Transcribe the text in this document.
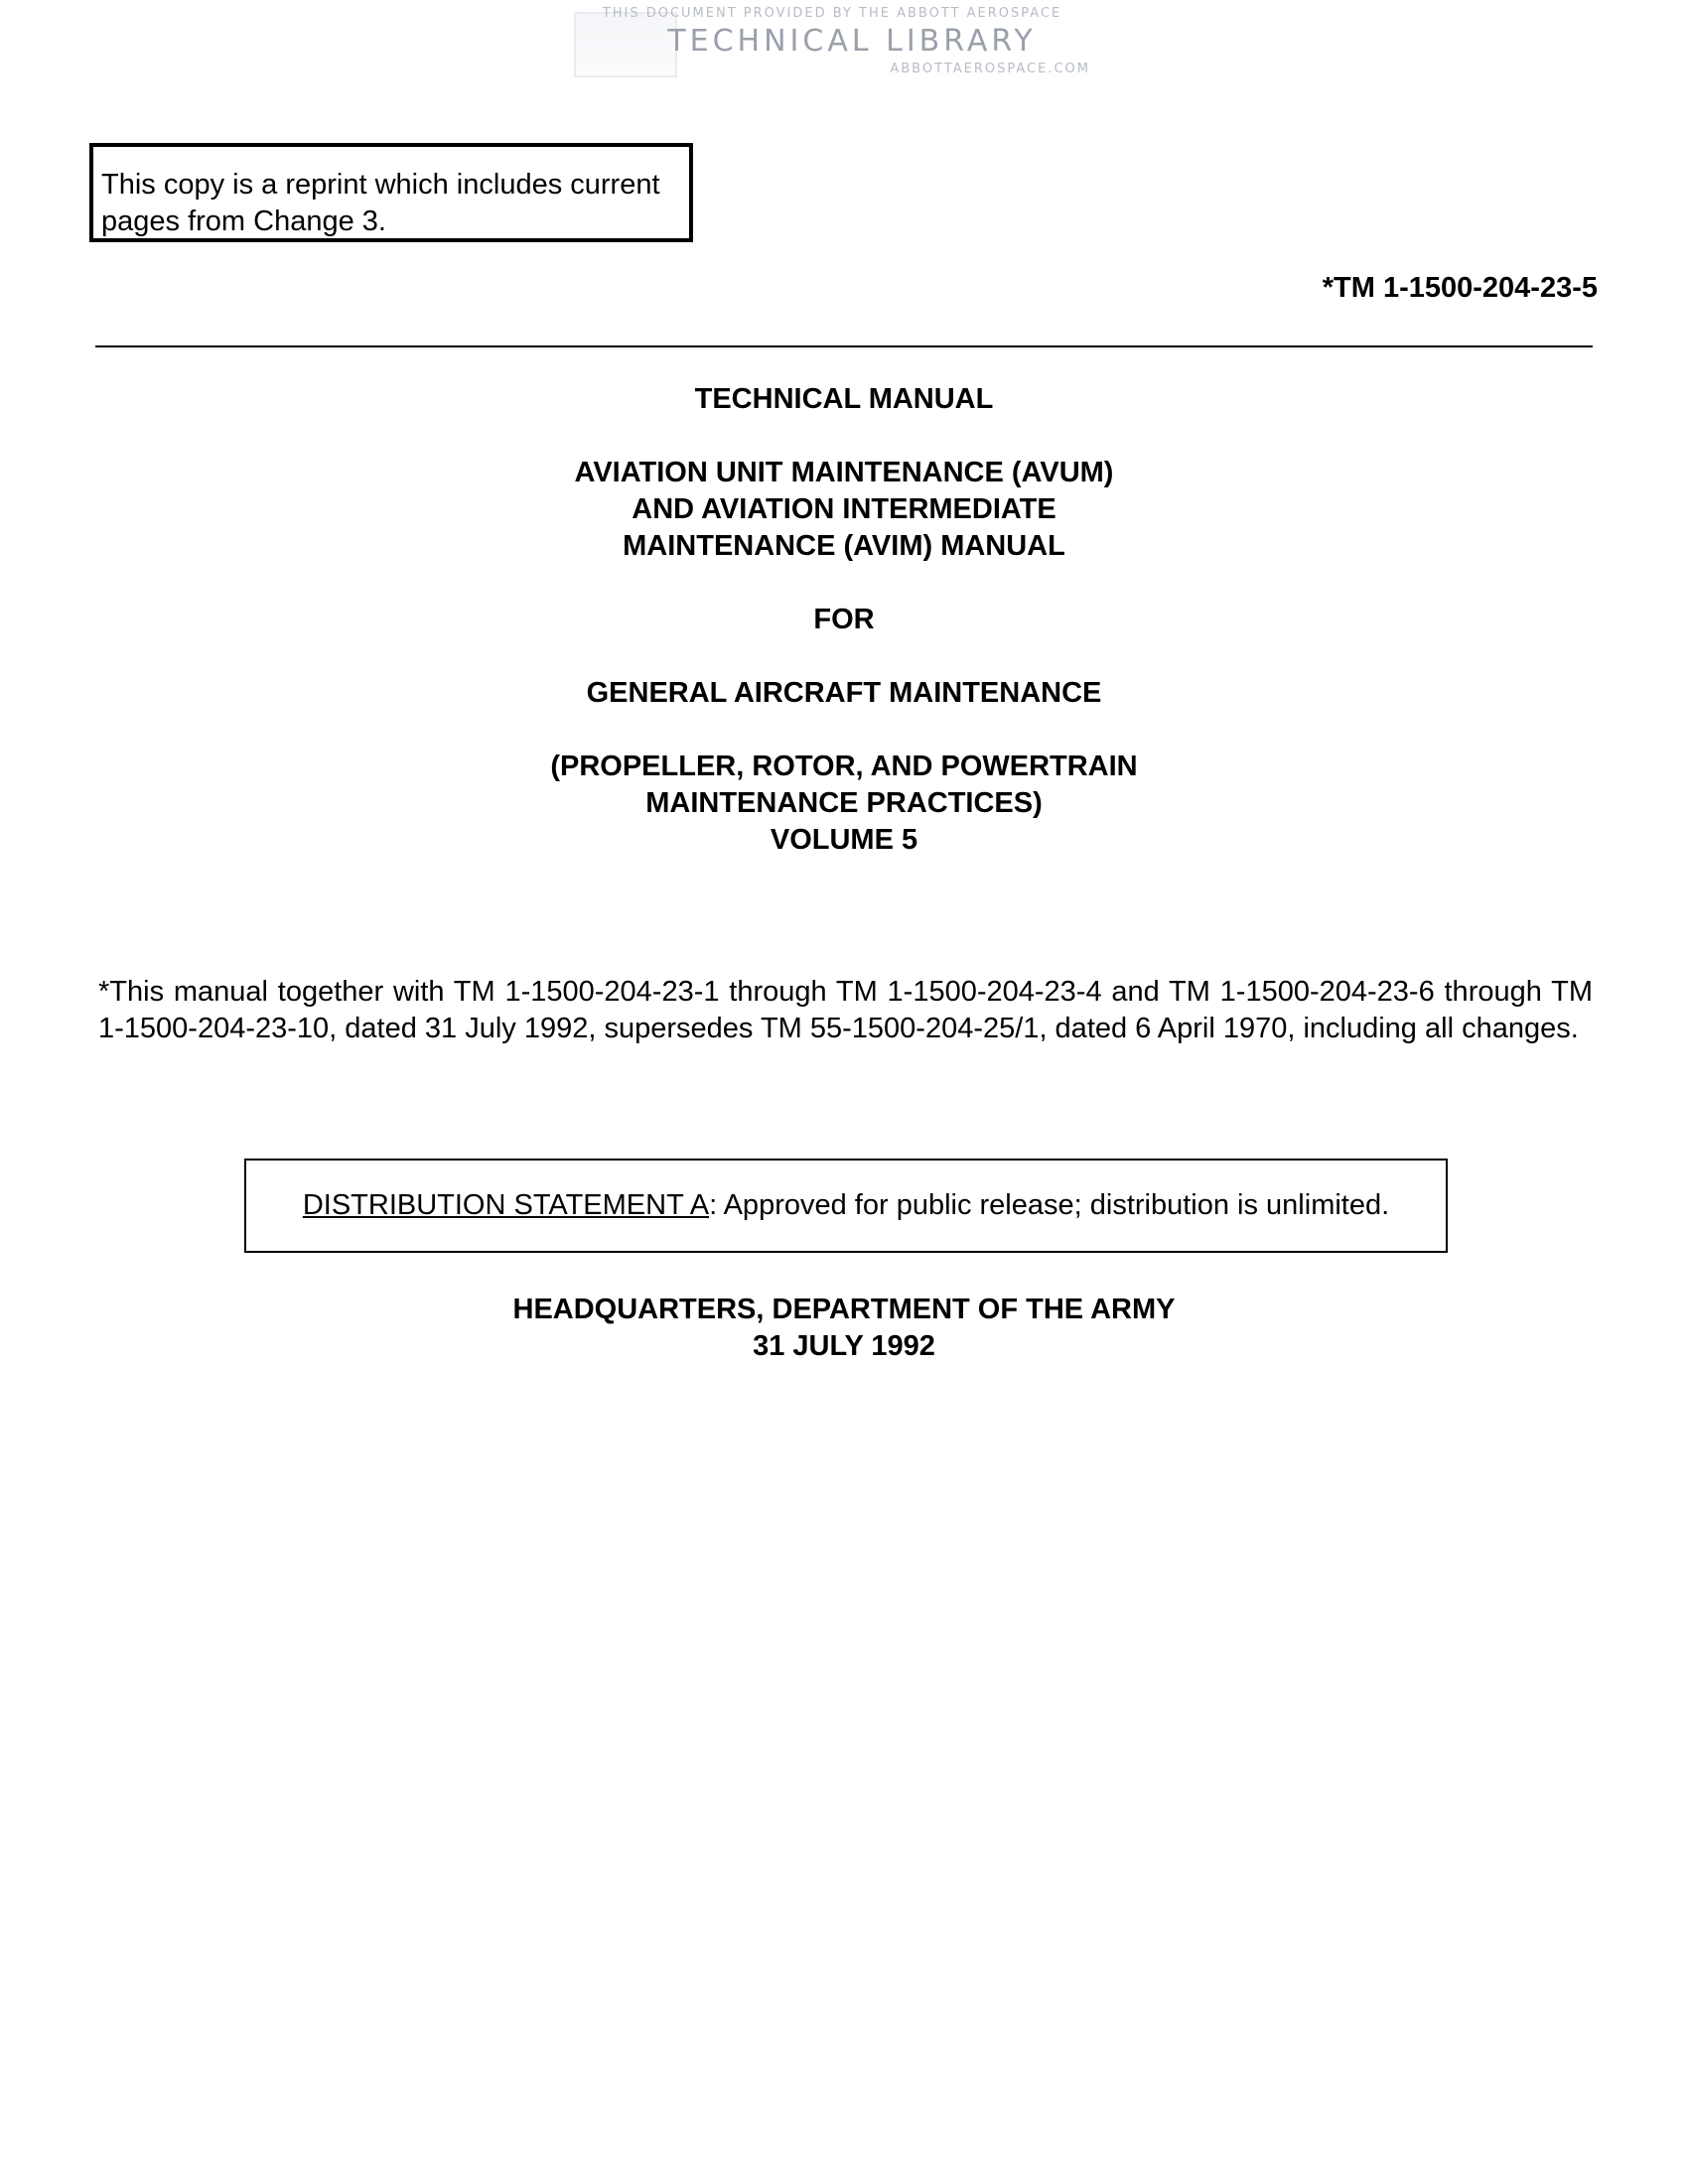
THIS DOCUMENT PROVIDED BY THE ABBOTT AEROSPACE
TECHNICAL LIBRARY
ABBOTTAEROSPACE.COM
This copy is a reprint which includes current pages from Change 3.
*TM 1-1500-204-23-5
TECHNICAL MANUAL
AVIATION UNIT MAINTENANCE (AVUM)
AND AVIATION INTERMEDIATE
MAINTENANCE (AVIM) MANUAL
FOR
GENERAL AIRCRAFT MAINTENANCE
(PROPELLER, ROTOR, AND POWERTRAIN
MAINTENANCE PRACTICES)
VOLUME 5
*This manual together with TM 1-1500-204-23-1 through TM 1-1500-204-23-4 and TM 1-1500-204-23-6 through TM 1-1500-204-23-10, dated 31 July 1992, supersedes TM 55-1500-204-25/1, dated 6 April 1970, including all changes.
DISTRIBUTION STATEMENT A: Approved for public release; distribution is unlimited.
HEADQUARTERS, DEPARTMENT OF THE ARMY
31 JULY 1992
